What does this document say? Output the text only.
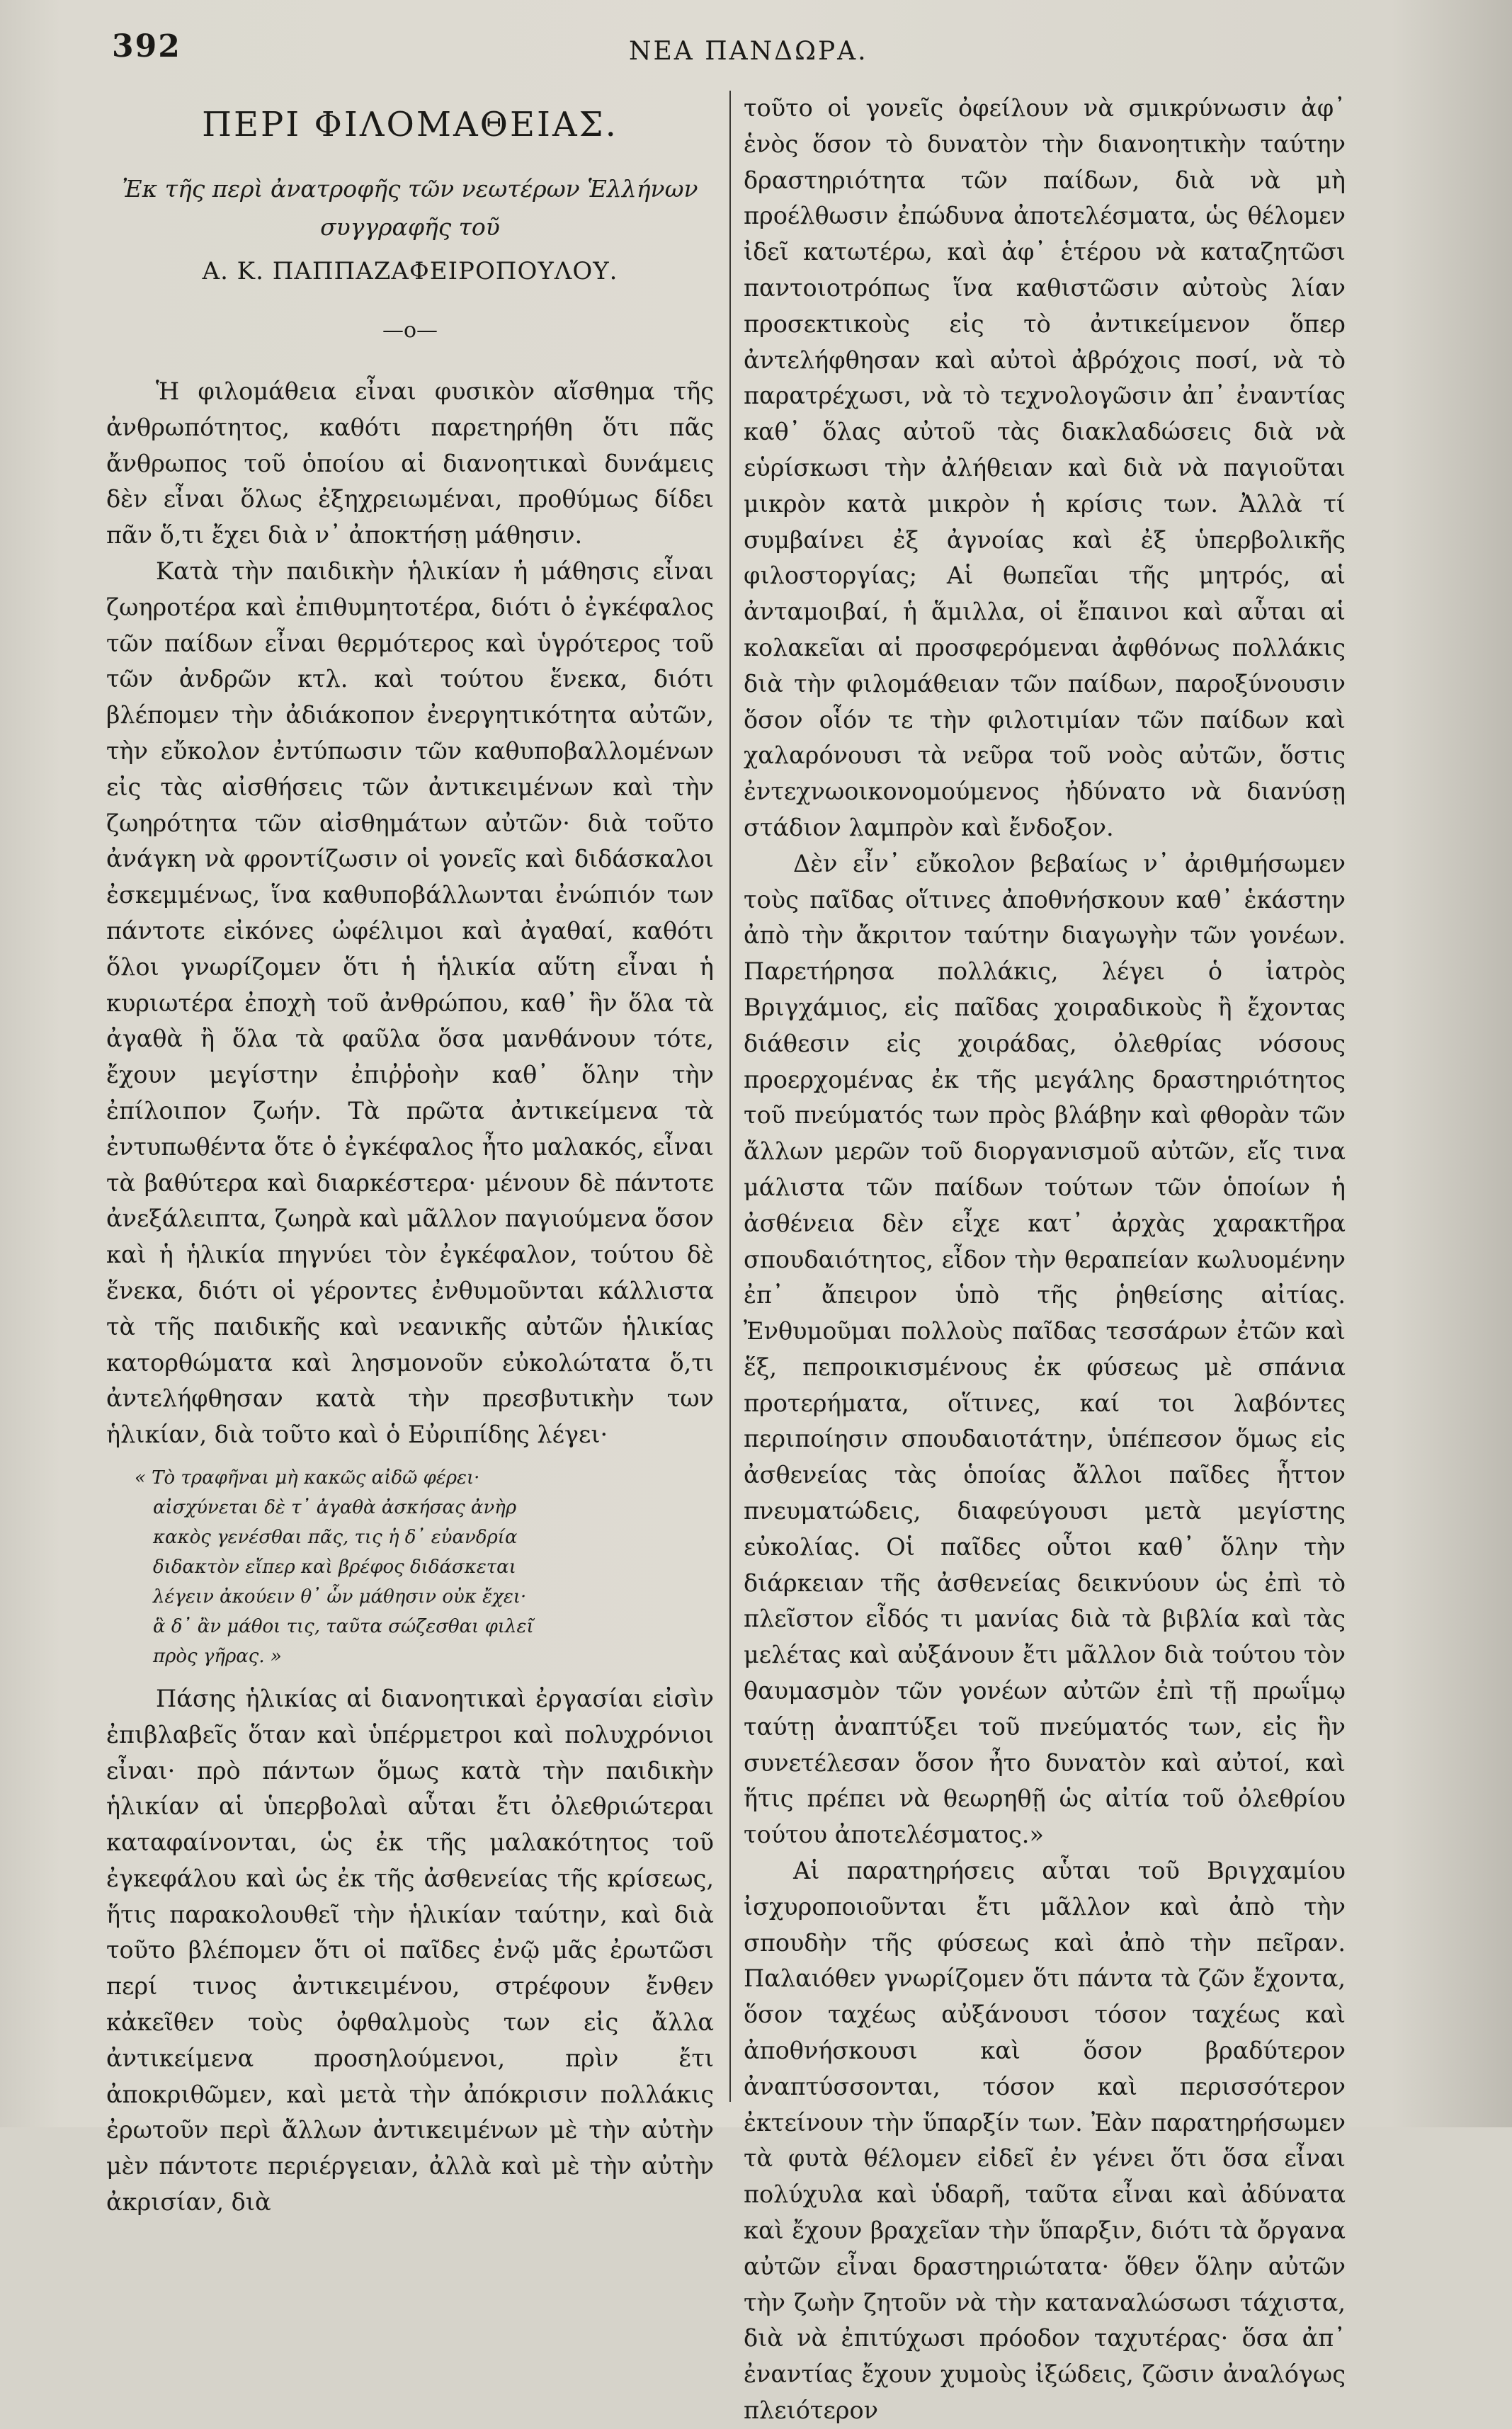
392	ΝΕΑ ΠΑΝΔΩΡΑ.
ΠΕΡΙ ΦΙΛΟΜΑΘΕΙΑΣ.
Ἐκ τῆς περὶ ἀνατροφῆς τῶν νεωτέρων Ἑλλήνων
συγγραφῆς τοῦ
Α. Κ. ΠΑΠΠΑΖΑΦΕΙΡΟΠΟΥΛΟΥ.
—ο—

Ἡ φιλομάθεια εἶναι φυσικὸν αἴσθημα τῆς ἀνθρωπότητος, καθότι παρετηρήθη ὅτι πᾶς ἄνθρωπος τοῦ ὁποίου αἱ διανοητικαὶ δυνάμεις δὲν εἶναι ὅλως ἐξηχρειωμέναι, προθύμως δίδει πᾶν ὅ,τι ἔχει διὰ ν᾽ ἀποκτήσῃ μάθησιν.

Κατὰ τὴν παιδικὴν ἡλικίαν ἡ μάθησις εἶναι ζωηροτέρα καὶ ἐπιθυμητοτέρα, διότι ὁ ἐγκέφαλος τῶν παίδων εἶναι θερμότερος καὶ ὑγρότερος τοῦ τῶν ἀνδρῶν κτλ. καὶ τούτου ἕνεκα, διότι βλέπομεν τὴν ἀδιάκοπον ἐνεργητικότητα αὐτῶν, τὴν εὔκολον ἐντύπωσιν τῶν καθυποβαλλομένων εἰς τὰς αἰσθήσεις τῶν ἀντικειμένων καὶ τὴν ζωηρότητα τῶν αἰσθημάτων αὐτῶν· διὰ τοῦτο ἀνάγκη νὰ φροντίζωσιν οἱ γονεῖς καὶ διδάσκαλοι ἐσκεμμένως, ἵνα καθυποβάλλωνται ἐνώπιόν των πάντοτε εἰκόνες ὠφέλιμοι καὶ ἀγαθαί, καθότι ὅλοι γνωρίζομεν ὅτι ἡ ἡλικία αὕτη εἶναι ἡ κυριωτέρα ἐποχὴ τοῦ ἀνθρώπου, καθ᾽ ἣν ὅλα τὰ ἀγαθὰ ἢ ὅλα τὰ φαῦλα ὅσα μανθάνουν τότε, ἔχουν μεγίστην ἐπιῤῥοὴν καθ᾽ ὅλην τὴν ἐπίλοιπον ζωήν. Τὰ πρῶτα ἀντικείμενα τὰ ἐντυπωθέντα ὅτε ὁ ἐγκέφαλος ἦτο μαλακός, εἶναι τὰ βαθύτερα καὶ διαρκέστερα· μένουν δὲ πάντοτε ἀνεξάλειπτα, ζωηρὰ καὶ μᾶλλον παγιούμενα ὅσον καὶ ἡ ἡλικία πηγνύει τὸν ἐγκέφαλον, τούτου δὲ ἕνεκα, διότι οἱ γέροντες ἐνθυμοῦνται κάλλιστα τὰ τῆς παιδικῆς καὶ νεανικῆς αὐτῶν ἡλικίας κατορθώματα καὶ λησμονοῦν εὐκολώτατα ὅ,τι ἀντελήφθησαν κατὰ τὴν πρεσβυτικὴν των ἡλικίαν, διὰ τοῦτο καὶ ὁ Εὐριπίδης λέγει·

« Τὸ τραφῆναι μὴ κακῶς αἰδῶ φέρει·
αἰσχύνεται δὲ τ᾽ ἀγαθὰ ἀσκήσας ἀνὴρ
κακὸς γενέσθαι πᾶς, τις ἡ δ᾽ εὐανδρία
διδακτὸν εἴπερ καὶ βρέφος διδάσκεται
λέγειν ἀκούειν θ᾽ ὧν μάθησιν οὐκ ἔχει·
ἃ δ᾽ ἂν μάθοι τις, ταῦτα σώζεσθαι φιλεῖ
πρὸς γῆρας. »

Πάσης ἡλικίας αἱ διανοητικαὶ ἐργασίαι εἰσὶν ἐπιβλαβεῖς ὅταν καὶ ὑπέρμετροι καὶ πολυχρόνιοι εἶναι· πρὸ πάντων ὅμως κατὰ τὴν παιδικὴν ἡλικίαν αἱ ὑπερβολαὶ αὗται ἔτι ὀλεθριώτεραι καταφαίνονται, ὡς ἐκ τῆς μαλακότητος τοῦ ἐγκεφάλου καὶ ὡς ἐκ τῆς ἀσθενείας τῆς κρίσεως, ἥτις παρακολουθεῖ τὴν ἡλικίαν ταύτην, καὶ διὰ τοῦτο βλέπομεν ὅτι οἱ παῖδες ἐνῷ μᾶς ἐρωτῶσι περί τινος ἀντικειμένου, στρέφουν ἔνθεν κἀκεῖθεν τοὺς ὀφθαλμοὺς των εἰς ἄλλα ἀντικείμενα προσηλούμενοι, πρὶν ἔτι ἀποκριθῶμεν, καὶ μετὰ τὴν ἀπόκρισιν πολλάκις ἐρωτοῦν περὶ ἄλλων ἀντικειμένων μὲ τὴν αὐτὴν μὲν πάντοτε περιέργειαν, ἀλλὰ καὶ μὲ τὴν αὐτὴν ἀκρισίαν, διὰ

τοῦτο οἱ γονεῖς ὀφείλουν νὰ σμικρύνωσιν ἀφ᾽ ἑνὸς ὅσον τὸ δυνατὸν τὴν διανοητικὴν ταύτην δραστηριότητα τῶν παίδων, διὰ νὰ μὴ προέλθωσιν ἐπώδυνα ἀποτελέσματα, ὡς θέλομεν ἰδεῖ κατωτέρω, καὶ ἀφ᾽ ἑτέρου νὰ καταζητῶσι παντοιοτρόπως ἵνα καθιστῶσιν αὐτοὺς λίαν προσεκτικοὺς εἰς τὸ ἀντικείμενον ὅπερ ἀντελήφθησαν καὶ αὐτοὶ ἀβρόχοις ποσί, νὰ τὸ παρατρέχωσι, νὰ τὸ τεχνολογῶσιν ἀπ᾽ ἐναντίας καθ᾽ ὅλας αὐτοῦ τὰς διακλαδώσεις διὰ νὰ εὑρίσκωσι τὴν ἀλήθειαν καὶ διὰ νὰ παγιοῦται μικρὸν κατὰ μικρὸν ἡ κρίσις των. Ἀλλὰ τί συμβαίνει ἐξ ἀγνοίας καὶ ἐξ ὑπερβολικῆς φιλοστοργίας; Αἱ θωπεῖαι τῆς μητρός, αἱ ἀνταμοιβαί, ἡ ἅμιλλα, οἱ ἔπαινοι καὶ αὗται αἱ κολακεῖαι αἱ προσφερόμεναι ἀφθόνως πολλάκις διὰ τὴν φιλομάθειαν τῶν παίδων, παροξύνουσιν ὅσον οἷόν τε τὴν φιλοτιμίαν τῶν παίδων καὶ χαλαρόνουσι τὰ νεῦρα τοῦ νοὸς αὐτῶν, ὅστις ἐντεχνωοικονομούμενος ἠδύνατο νὰ διανύσῃ στάδιον λαμπρὸν καὶ ἔνδοξον.

Δὲν εἶν᾽ εὔκολον βεβαίως ν᾽ ἀριθμήσωμεν τοὺς παῖδας οἵτινες ἀποθνήσκουν καθ᾽ ἑκάστην ἀπὸ τὴν ἄκριτον ταύτην διαγωγὴν τῶν γονέων. Παρετήρησα πολλάκις, λέγει ὁ ἰατρὸς Βριγχάμιος, εἰς παῖδας χοιραδικοὺς ἢ ἔχοντας διάθεσιν εἰς χοιράδας, ὀλεθρίας νόσους προερχομένας ἐκ τῆς μεγάλης δραστηριότητος τοῦ πνεύματός των πρὸς βλάβην καὶ φθορὰν τῶν ἄλλων μερῶν τοῦ διοργανισμοῦ αὐτῶν, εἴς τινα μάλιστα τῶν παίδων τούτων τῶν ὁποίων ἡ ἀσθένεια δὲν εἶχε κατ᾽ ἀρχὰς χαρακτῆρα σπουδαιότητος, εἶδον τὴν θεραπείαν κωλυομένην ἐπ᾽ ἄπειρον ὑπὸ τῆς ῥηθείσης αἰτίας. Ἐνθυμοῦμαι πολλοὺς παῖδας τεσσάρων ἐτῶν καὶ ἕξ, πεπροικισμένους ἐκ φύσεως μὲ σπάνια προτερήματα, οἵτινες, καί τοι λαβόντες περιποίησιν σπουδαιοτάτην, ὑπέπεσον ὅμως εἰς ἀσθενείας τὰς ὁποίας ἄλλοι παῖδες ἧττον πνευματώδεις, διαφεύγουσι μετὰ μεγίστης εὐκολίας. Οἱ παῖδες οὗτοι καθ᾽ ὅλην τὴν διάρκειαν τῆς ἀσθενείας δεικνύουν ὡς ἐπὶ τὸ πλεῖστον εἶδός τι μανίας διὰ τὰ βιβλία καὶ τὰς μελέτας καὶ αὐξάνουν ἔτι μᾶλλον διὰ τούτου τὸν θαυμασμὸν τῶν γονέων αὐτῶν ἐπὶ τῇ πρωΐμῳ ταύτῃ ἀναπτύξει τοῦ πνεύματός των, εἰς ἣν συνετέλεσαν ὅσον ἦτο δυνατὸν καὶ αὐτοί, καὶ ἥτις πρέπει νὰ θεωρηθῇ ὡς αἰτία τοῦ ὀλεθρίου τούτου ἀποτελέσματος.»

Αἱ παρατηρήσεις αὗται τοῦ Βριγχαμίου ἰσχυροποιοῦνται ἔτι μᾶλλον καὶ ἀπὸ τὴν σπουδὴν τῆς φύσεως καὶ ἀπὸ τὴν πεῖραν. Παλαιόθεν γνωρίζομεν ὅτι πάντα τὰ ζῶν ἔχοντα, ὅσον ταχέως αὐξάνουσι τόσον ταχέως καὶ ἀποθνήσκουσι καὶ ὅσον βραδύτερον ἀναπτύσσονται, τόσον καὶ περισσότερον ἐκτείνουν τὴν ὕπαρξίν των. Ἐὰν παρατηρήσωμεν τὰ φυτὰ θέλομεν εἰδεῖ ἐν γένει ὅτι ὅσα εἶναι πολύχυλα καὶ ὑδαρῆ, ταῦτα εἶναι καὶ ἀδύνατα καὶ ἔχουν βραχεῖαν τὴν ὕπαρξιν, διότι τὰ ὄργανα αὐτῶν εἶναι δραστηριώτατα· ὅθεν ὅλην αὐτῶν τὴν ζωὴν ζητοῦν νὰ τὴν καταναλώσωσι τάχιστα, διὰ νὰ ἐπιτύχωσι πρόοδον ταχυτέρας· ὅσα ἀπ᾽ ἐναντίας ἔχουν χυμοὺς ἰξώδεις, ζῶσιν ἀναλόγως πλειότερον
